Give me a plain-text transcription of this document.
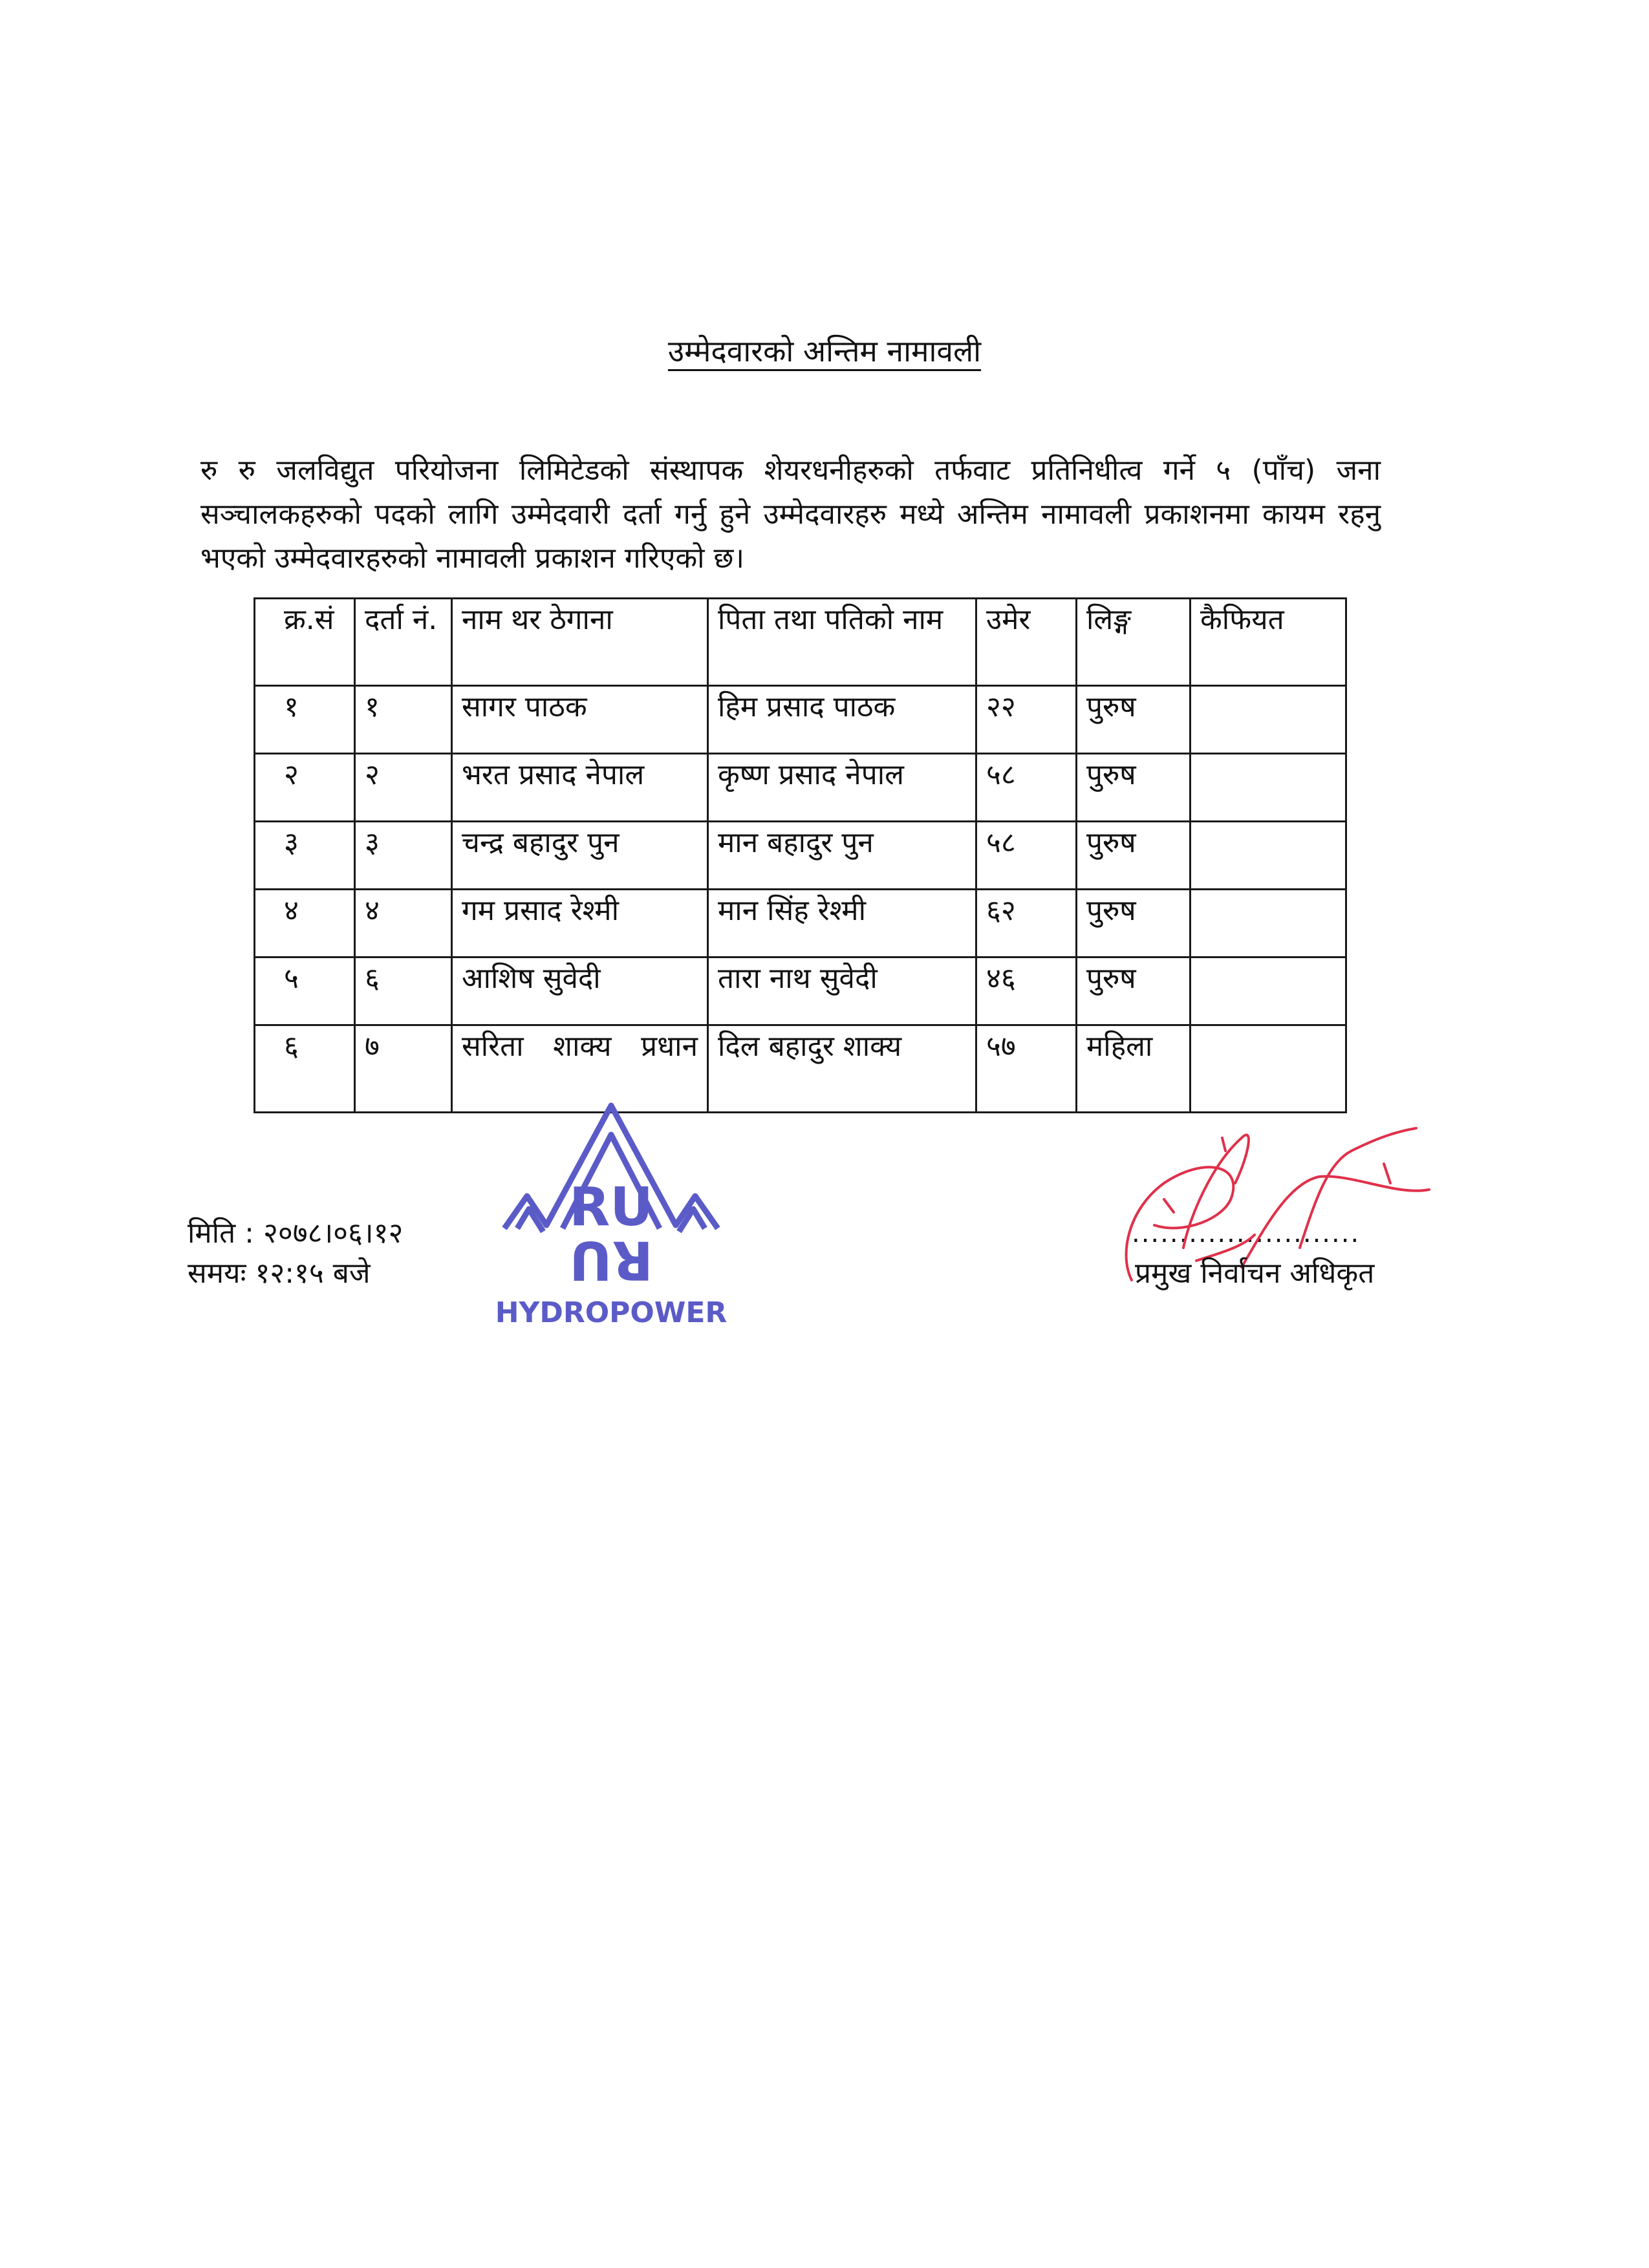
उम्मेदवारको अन्तिम नामावली

रु रु जलविद्युत परियोजना लिमिटेडको संस्थापक शेयरधनीहरुको तर्फवाट प्रतिनिधीत्व गर्ने ५ (पाँच) जना सञ्चालकहरुको पदको लागि उम्मेदवारी दर्ता गर्नु हुने उम्मेदवारहरु मध्ये अन्तिम नामावली प्रकाशनमा कायम रहनु भएको उम्मेदवारहरुको नामावली प्रकाशन गरिएको छ।

क्र.सं	दर्ता नं.	नाम थर ठेगाना	पिता तथा पतिको नाम	उमेर	लिङ्ग	कैफियत
१	१	सागर पाठक	हिम प्रसाद पाठक	२२	पुरुष	
२	२	भरत प्रसाद नेपाल	कृष्ण प्रसाद नेपाल	५८	पुरुष	
३	३	चन्द्र बहादुर पुन	मान बहादुर पुन	५८	पुरुष	
४	४	गम प्रसाद रेश्मी	मान सिंह रेश्मी	६२	पुरुष	
५	६	आशिष सुवेदी	तारा नाथ सुवेदी	४६	पुरुष	
६	७	सरिता शाक्य प्रधान	दिल बहादुर शाक्य	५७	महिला	
मिति : २०७८।०६।१२
समयः १२:१५ बजे
RU
RU
HYDROPOWER
........................
प्रमुख निर्वाचन अधिकृत
